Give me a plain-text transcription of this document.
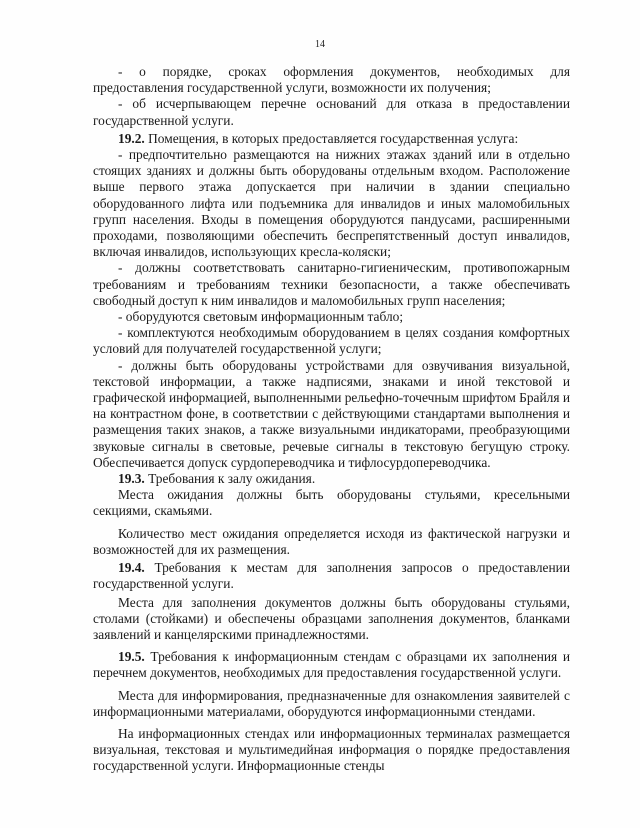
14

- о порядке, сроках оформления документов, необходимых для предоставления государственной услуги, возможности их получения;

- об исчерпывающем перечне оснований для отказа в предоставлении государственной услуги.

19.2. Помещения, в которых предоставляется государственная услуга:

- предпочтительно размещаются на нижних этажах зданий или в отдельно стоящих зданиях и должны быть оборудованы отдельным входом. Расположение выше первого этажа допускается при наличии в здании специально оборудованного лифта или подъемника для инвалидов и иных маломобильных групп населения. Входы в помещения оборудуются пандусами, расширенными проходами, позволяющими обеспечить беспрепятственный доступ инвалидов, включая инвалидов, использующих кресла-коляски;

- должны соответствовать санитарно-гигиеническим, противопожарным требованиям и требованиям техники безопасности, а также обеспечивать свободный доступ к ним инвалидов и маломобильных групп населения;

- оборудуются световым информационным табло;

- комплектуются необходимым оборудованием в целях создания комфортных условий для получателей государственной услуги;

- должны быть оборудованы устройствами для озвучивания визуальной, текстовой информации, а также надписями, знаками и иной текстовой и графической информацией, выполненными рельефно-точечным шрифтом Брайля и на контрастном фоне, в соответствии с действующими стандартами выполнения и размещения таких знаков, а также визуальными индикаторами, преобразующими звуковые сигналы в световые, речевые сигналы в текстовую бегущую строку. Обеспечивается допуск сурдопереводчика и тифлосурдопереводчика.

19.3. Требования к залу ожидания.

Места ожидания должны быть оборудованы стульями, кресельными секциями, скамьями.

Количество мест ожидания определяется исходя из фактической нагрузки и возможностей для их размещения.

19.4. Требования к местам для заполнения запросов о предоставлении государственной услуги.

Места для заполнения документов должны быть оборудованы стульями, столами (стойками) и обеспечены образцами заполнения документов, бланками заявлений и канцелярскими принадлежностями.

19.5. Требования к информационным стендам с образцами их заполнения и перечнем документов, необходимых для предоставления государственной услуги.

Места для информирования, предназначенные для ознакомления заявителей с информационными материалами, оборудуются информационными стендами.

На информационных стендах или информационных терминалах размещается визуальная, текстовая и мультимедийная информация о порядке предоставления государственной услуги. Информационные стенды
